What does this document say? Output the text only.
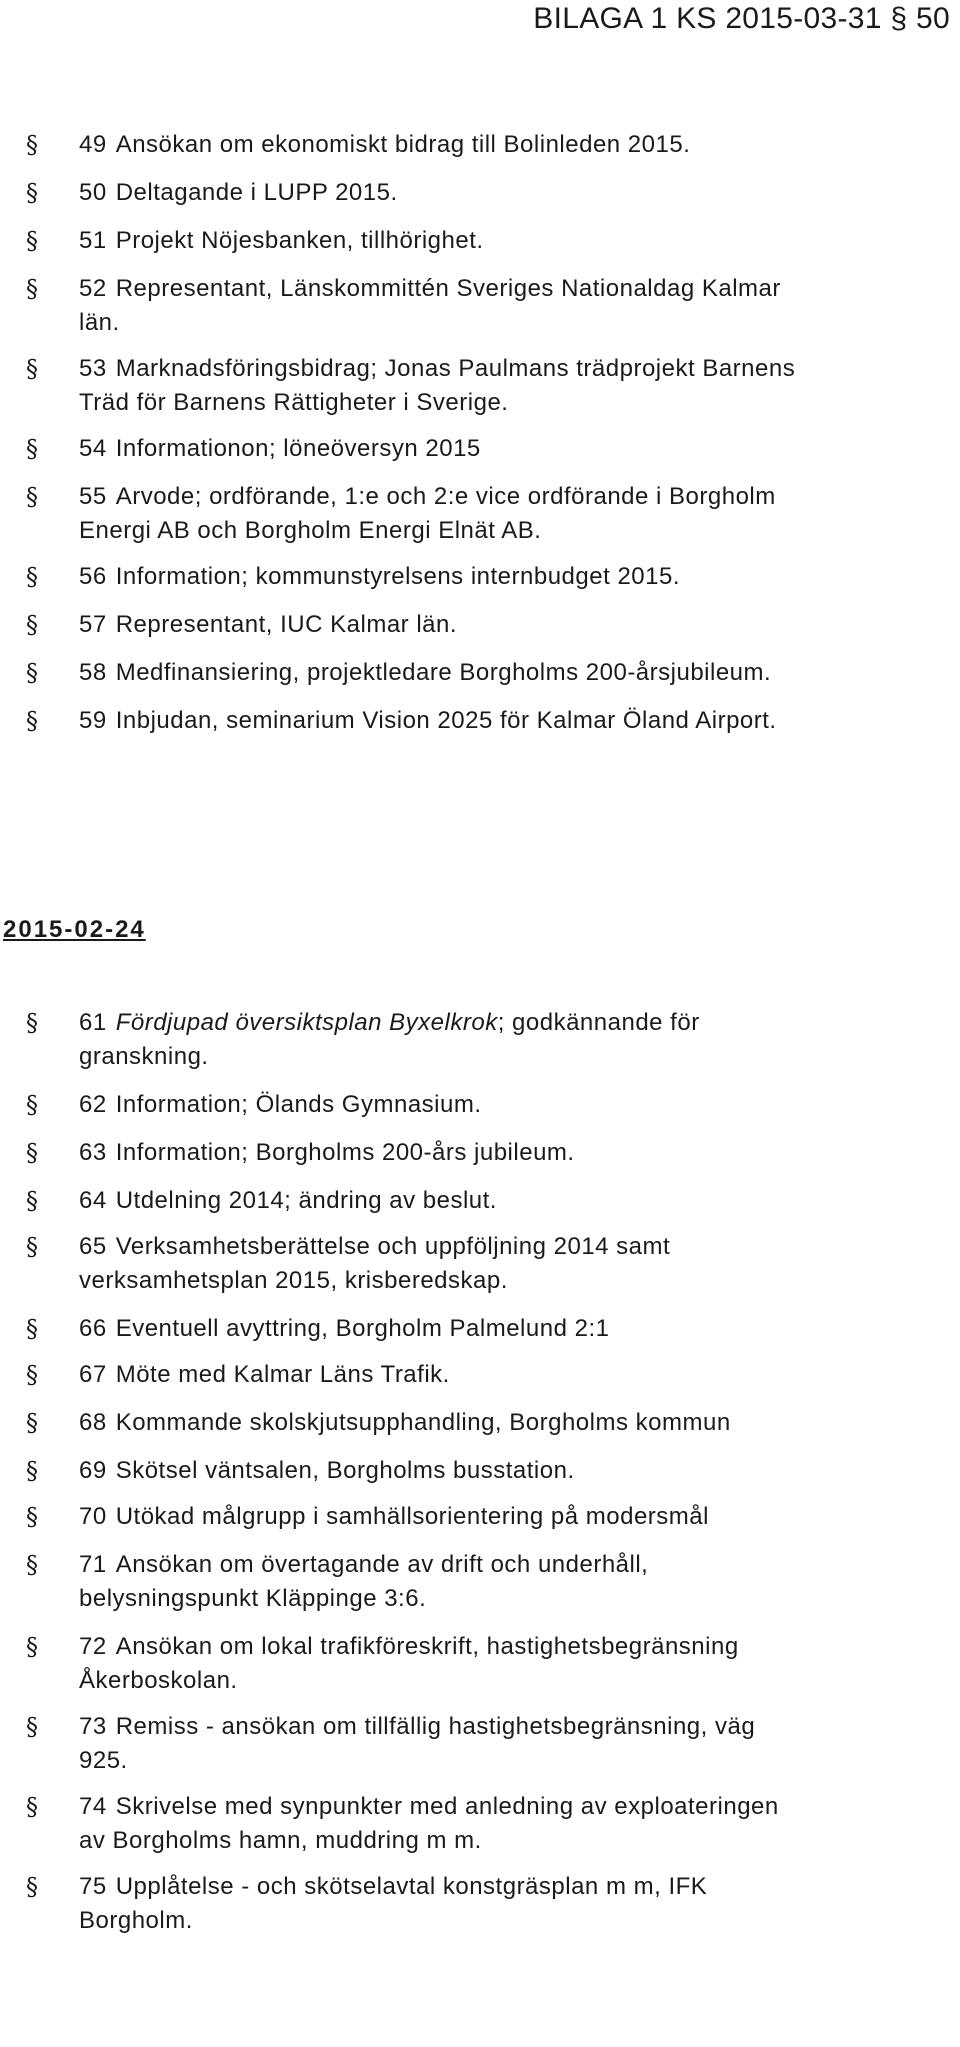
BILAGA 1 KS 2015-03-31 § 50
§ 49 Ansökan om ekonomiskt bidrag till Bolinleden 2015.
§ 50 Deltagande i LUPP 2015.
§ 51 Projekt Nöjesbanken, tillhörighet.
§ 52 Representant, Länskommittén Sveriges Nationaldag Kalmar län.
§ 53 Marknadsföringsbidrag; Jonas Paulmans trädprojekt Barnens Träd för Barnens Rättigheter i Sverige.
§ 54 Informationon; löneöversyn 2015
§ 55 Arvode; ordförande, 1:e och 2:e vice ordförande i Borgholm Energi AB och Borgholm Energi Elnät AB.
§ 56 Information; kommunstyrelsens internbudget 2015.
§ 57 Representant, IUC Kalmar län.
§ 58 Medfinansiering, projektledare Borgholms 200-årsjubileum.
§ 59 Inbjudan, seminarium Vision 2025 för Kalmar Öland Airport.
2015-02-24
§ 61 Fördjupad översiktsplan Byxelkrok; godkännande för granskning.
§ 62 Information; Ölands Gymnasium.
§ 63 Information; Borgholms 200-års jubileum.
§ 64 Utdelning 2014; ändring av beslut.
§ 65 Verksamhetsberättelse och uppföljning 2014 samt verksamhetsplan 2015, krisberedskap.
§ 66 Eventuell avyttring, Borgholm Palmelund 2:1
§ 67 Möte med Kalmar Läns Trafik.
§ 68 Kommande skolskjutsupphandling, Borgholms kommun
§ 69 Skötsel väntsalen, Borgholms busstation.
§ 70 Utökad målgrupp i samhällsorientering på modersmål
§ 71 Ansökan om övertagande av drift och underhåll, belysningspunkt Kläppinge 3:6.
§ 72 Ansökan om lokal trafikföreskrift, hastighetsbegränsning Åkerboskolan.
§ 73 Remiss - ansökan om tillfällig hastighetsbegränsning, väg 925.
§ 74 Skrivelse med synpunkter med anledning av exploateringen av Borgholms hamn, muddring m m.
§ 75 Upplåtelse - och skötselavtal konstgräsplan m m, IFK Borgholm.
